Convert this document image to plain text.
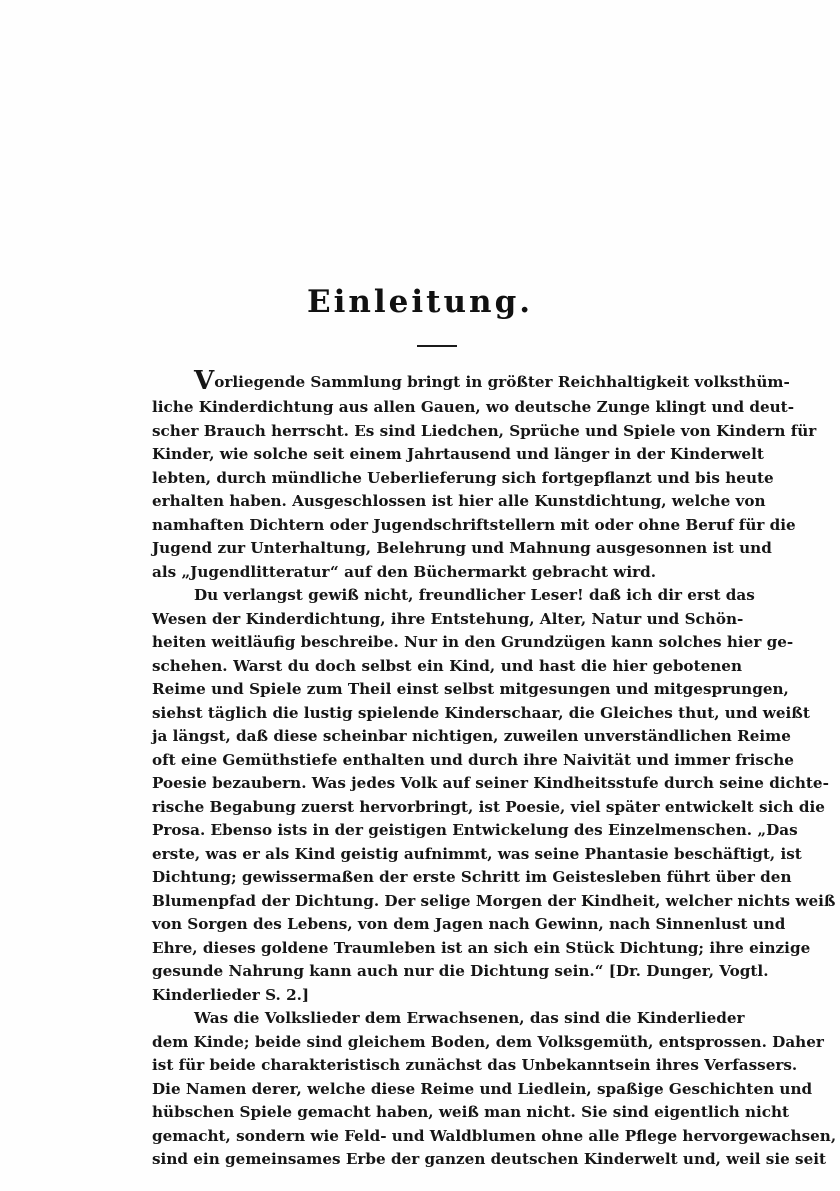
Einleitung.
Vorliegende Sammlung bringt in größter Reichhaltigkeit volksthüm-
liche Kinderdichtung aus allen Gauen, wo deutsche Zunge klingt und deut-
scher Brauch herrscht. Es sind Liedchen, Sprüche und Spiele von Kindern für
Kinder, wie solche seit einem Jahrtausend und länger in der Kinderwelt
lebten, durch mündliche Ueberlieferung sich fortgepflanzt und bis heute
erhalten haben. Ausgeschlossen ist hier alle Kunstdichtung, welche von
namhaften Dichtern oder Jugendschriftstellern mit oder ohne Beruf für die
Jugend zur Unterhaltung, Belehrung und Mahnung ausgesonnen ist und
als „Jugendlitteratur“ auf den Büchermarkt gebracht wird.
Du verlangst gewiß nicht, freundlicher Leser! daß ich dir erst das
Wesen der Kinderdichtung, ihre Entstehung, Alter, Natur und Schön-
heiten weitläufig beschreibe. Nur in den Grundzügen kann solches hier ge-
schehen. Warst du doch selbst ein Kind, und hast die hier gebotenen
Reime und Spiele zum Theil einst selbst mitgesungen und mitgesprungen,
siehst täglich die lustig spielende Kinderschaar, die Gleiches thut, und weißt
ja längst, daß diese scheinbar nichtigen, zuweilen unverständlichen Reime
oft eine Gemüthstiefe enthalten und durch ihre Naivität und immer frische
Poesie bezaubern. Was jedes Volk auf seiner Kindheitsstufe durch seine dichte-
rische Begabung zuerst hervorbringt, ist Poesie, viel später entwickelt sich die
Prosa. Ebenso ists in der geistigen Entwickelung des Einzelmenschen. „Das
erste, was er als Kind geistig aufnimmt, was seine Phantasie beschäftigt, ist
Dichtung; gewissermaßen der erste Schritt im Geistesleben führt über den
Blumenpfad der Dichtung. Der selige Morgen der Kindheit, welcher nichts weiß
von Sorgen des Lebens, von dem Jagen nach Gewinn, nach Sinnenlust und
Ehre, dieses goldene Traumleben ist an sich ein Stück Dichtung; ihre einzige
gesunde Nahrung kann auch nur die Dichtung sein.“ [Dr. Dunger, Vogtl.
Kinderlieder S. 2.]
Was die Volkslieder dem Erwachsenen, das sind die Kinderlieder
dem Kinde; beide sind gleichem Boden, dem Volksgemüth, entsprossen. Daher
ist für beide charakteristisch zunächst das Unbekanntsein ihres Verfassers.
Die Namen derer, welche diese Reime und Liedlein, spaßige Geschichten und
hübschen Spiele gemacht haben, weiß man nicht. Sie sind eigentlich nicht
gemacht, sondern wie Feld- und Waldblumen ohne alle Pflege hervorgewachsen,
sind ein gemeinsames Erbe der ganzen deutschen Kinderwelt und, weil sie seit
